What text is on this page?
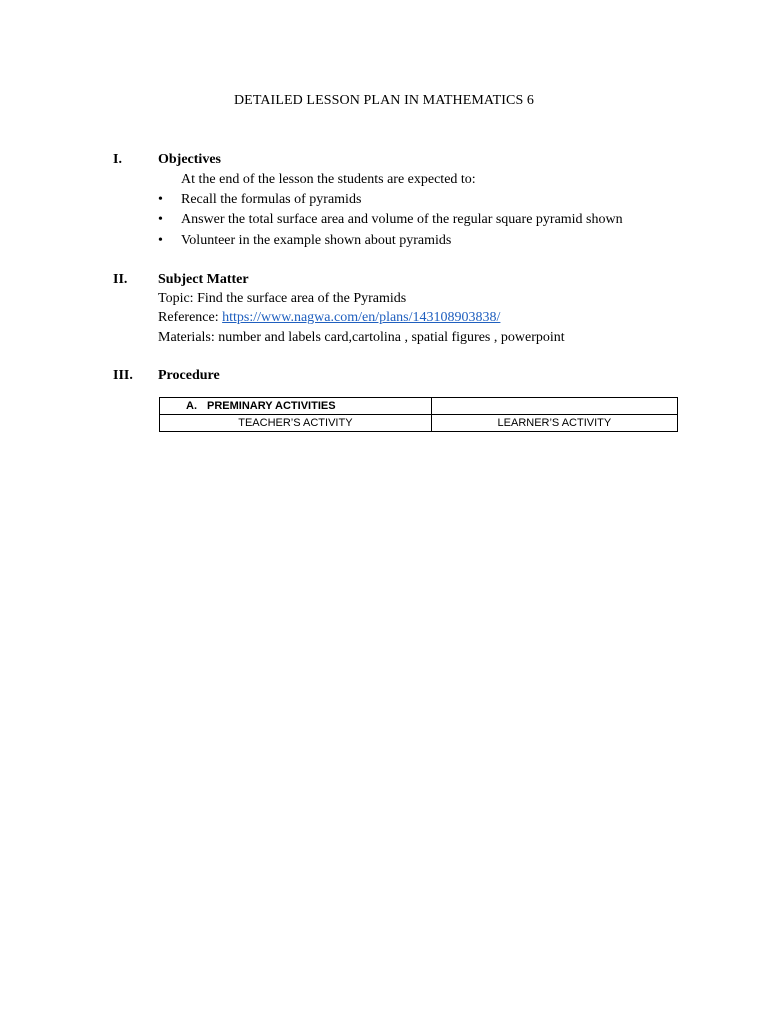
DETAILED LESSON PLAN IN MATHEMATICS 6
I.	Objectives
At the end of the lesson the students are expected to:
• Recall the formulas of pyramids
• Answer the total surface area and volume of the regular square pyramid shown
• Volunteer in the example shown about pyramids
II. Subject Matter
Topic: Find the surface area of the Pyramids
Reference: https://www.nagwa.com/en/plans/143108903838/
Materials: number and labels card,cartolina , spatial figures , powerpoint
III. Procedure
A. PREMINARY ACTIVITIES	
TEACHER’S ACTIVITY	LEARNER’S ACTIVITY
